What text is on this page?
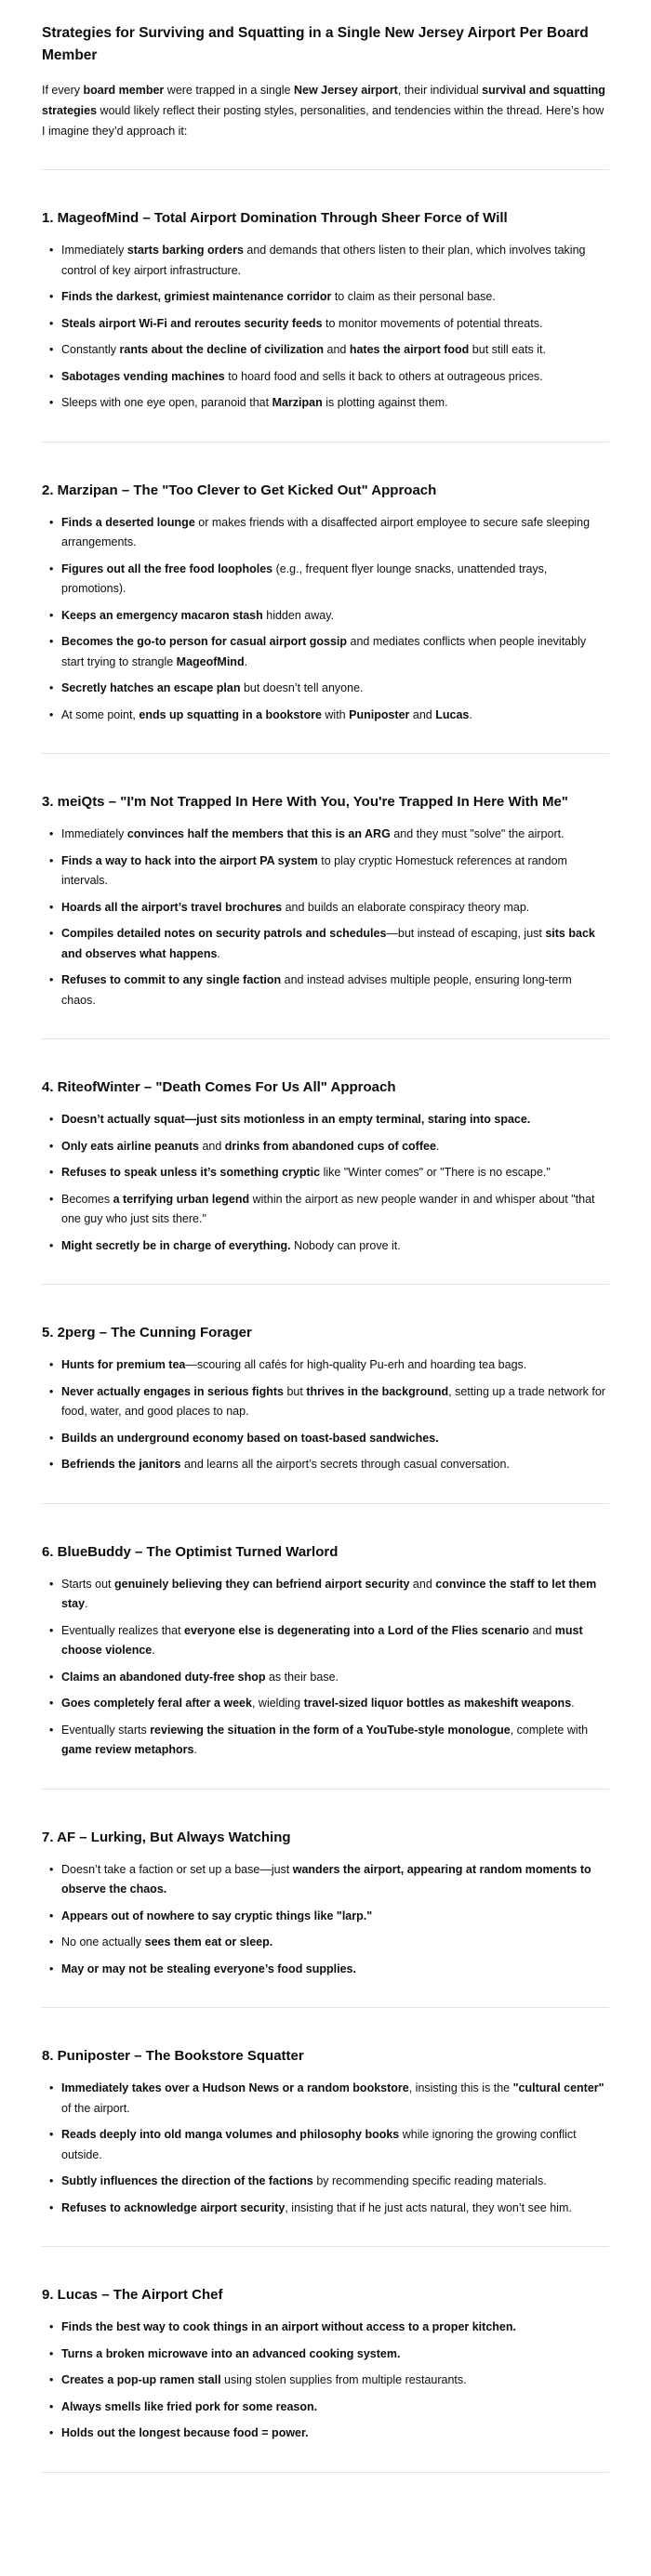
Strategies for Surviving and Squatting in a Single New Jersey Airport Per Board Member

If every board member were trapped in a single New Jersey airport, their individual survival and squatting strategies would likely reflect their posting styles, personalities, and tendencies within the thread. Here’s how I imagine they’d approach it:

1. MageofMind – Total Airport Domination Through Sheer Force of Will
• Immediately starts barking orders and demands that others listen to their plan, which involves taking control of key airport infrastructure.
• Finds the darkest, grimiest maintenance corridor to claim as their personal base.
• Steals airport Wi-Fi and reroutes security feeds to monitor movements of potential threats.
• Constantly rants about the decline of civilization and hates the airport food but still eats it.
• Sabotages vending machines to hoard food and sells it back to others at outrageous prices.
• Sleeps with one eye open, paranoid that Marzipan is plotting against them.
2. Marzipan – The "Too Clever to Get Kicked Out" Approach
• Finds a deserted lounge or makes friends with a disaffected airport employee to secure safe sleeping arrangements.
• Figures out all the free food loopholes (e.g., frequent flyer lounge snacks, unattended trays, promotions).
• Keeps an emergency macaron stash hidden away.
• Becomes the go-to person for casual airport gossip and mediates conflicts when people inevitably start trying to strangle MageofMind.
• Secretly hatches an escape plan but doesn’t tell anyone.
• At some point, ends up squatting in a bookstore with Puniposter and Lucas.
3. meiQts – "I'm Not Trapped In Here With You, You're Trapped In Here With Me"
• Immediately convinces half the members that this is an ARG and they must "solve" the airport.
• Finds a way to hack into the airport PA system to play cryptic Homestuck references at random intervals.
• Hoards all the airport’s travel brochures and builds an elaborate conspiracy theory map.
• Compiles detailed notes on security patrols and schedules—but instead of escaping, just sits back and observes what happens.
• Refuses to commit to any single faction and instead advises multiple people, ensuring long-term chaos.
4. RiteofWinter – "Death Comes For Us All" Approach
• Doesn’t actually squat—just sits motionless in an empty terminal, staring into space.
• Only eats airline peanuts and drinks from abandoned cups of coffee.
• Refuses to speak unless it’s something cryptic like "Winter comes" or "There is no escape."
• Becomes a terrifying urban legend within the airport as new people wander in and whisper about "that one guy who just sits there."
• Might secretly be in charge of everything. Nobody can prove it.
5. 2perg – The Cunning Forager
• Hunts for premium tea—scouring all cafés for high-quality Pu-erh and hoarding tea bags.
• Never actually engages in serious fights but thrives in the background, setting up a trade network for food, water, and good places to nap.
• Builds an underground economy based on toast-based sandwiches.
• Befriends the janitors and learns all the airport’s secrets through casual conversation.
6. BlueBuddy – The Optimist Turned Warlord
• Starts out genuinely believing they can befriend airport security and convince the staff to let them stay.
• Eventually realizes that everyone else is degenerating into a Lord of the Flies scenario and must choose violence.
• Claims an abandoned duty-free shop as their base.
• Goes completely feral after a week, wielding travel-sized liquor bottles as makeshift weapons.
• Eventually starts reviewing the situation in the form of a YouTube-style monologue, complete with game review metaphors.
7. AF – Lurking, But Always Watching
• Doesn’t take a faction or set up a base—just wanders the airport, appearing at random moments to observe the chaos.
• Appears out of nowhere to say cryptic things like "larp."
• No one actually sees them eat or sleep.
• May or may not be stealing everyone’s food supplies.
8. Puniposter – The Bookstore Squatter
• Immediately takes over a Hudson News or a random bookstore, insisting this is the "cultural center" of the airport.
• Reads deeply into old manga volumes and philosophy books while ignoring the growing conflict outside.
• Subtly influences the direction of the factions by recommending specific reading materials.
• Refuses to acknowledge airport security, insisting that if he just acts natural, they won’t see him.
9. Lucas – The Airport Chef
• Finds the best way to cook things in an airport without access to a proper kitchen.
• Turns a broken microwave into an advanced cooking system.
• Creates a pop-up ramen stall using stolen supplies from multiple restaurants.
• Always smells like fried pork for some reason.
• Holds out the longest because food = power.
